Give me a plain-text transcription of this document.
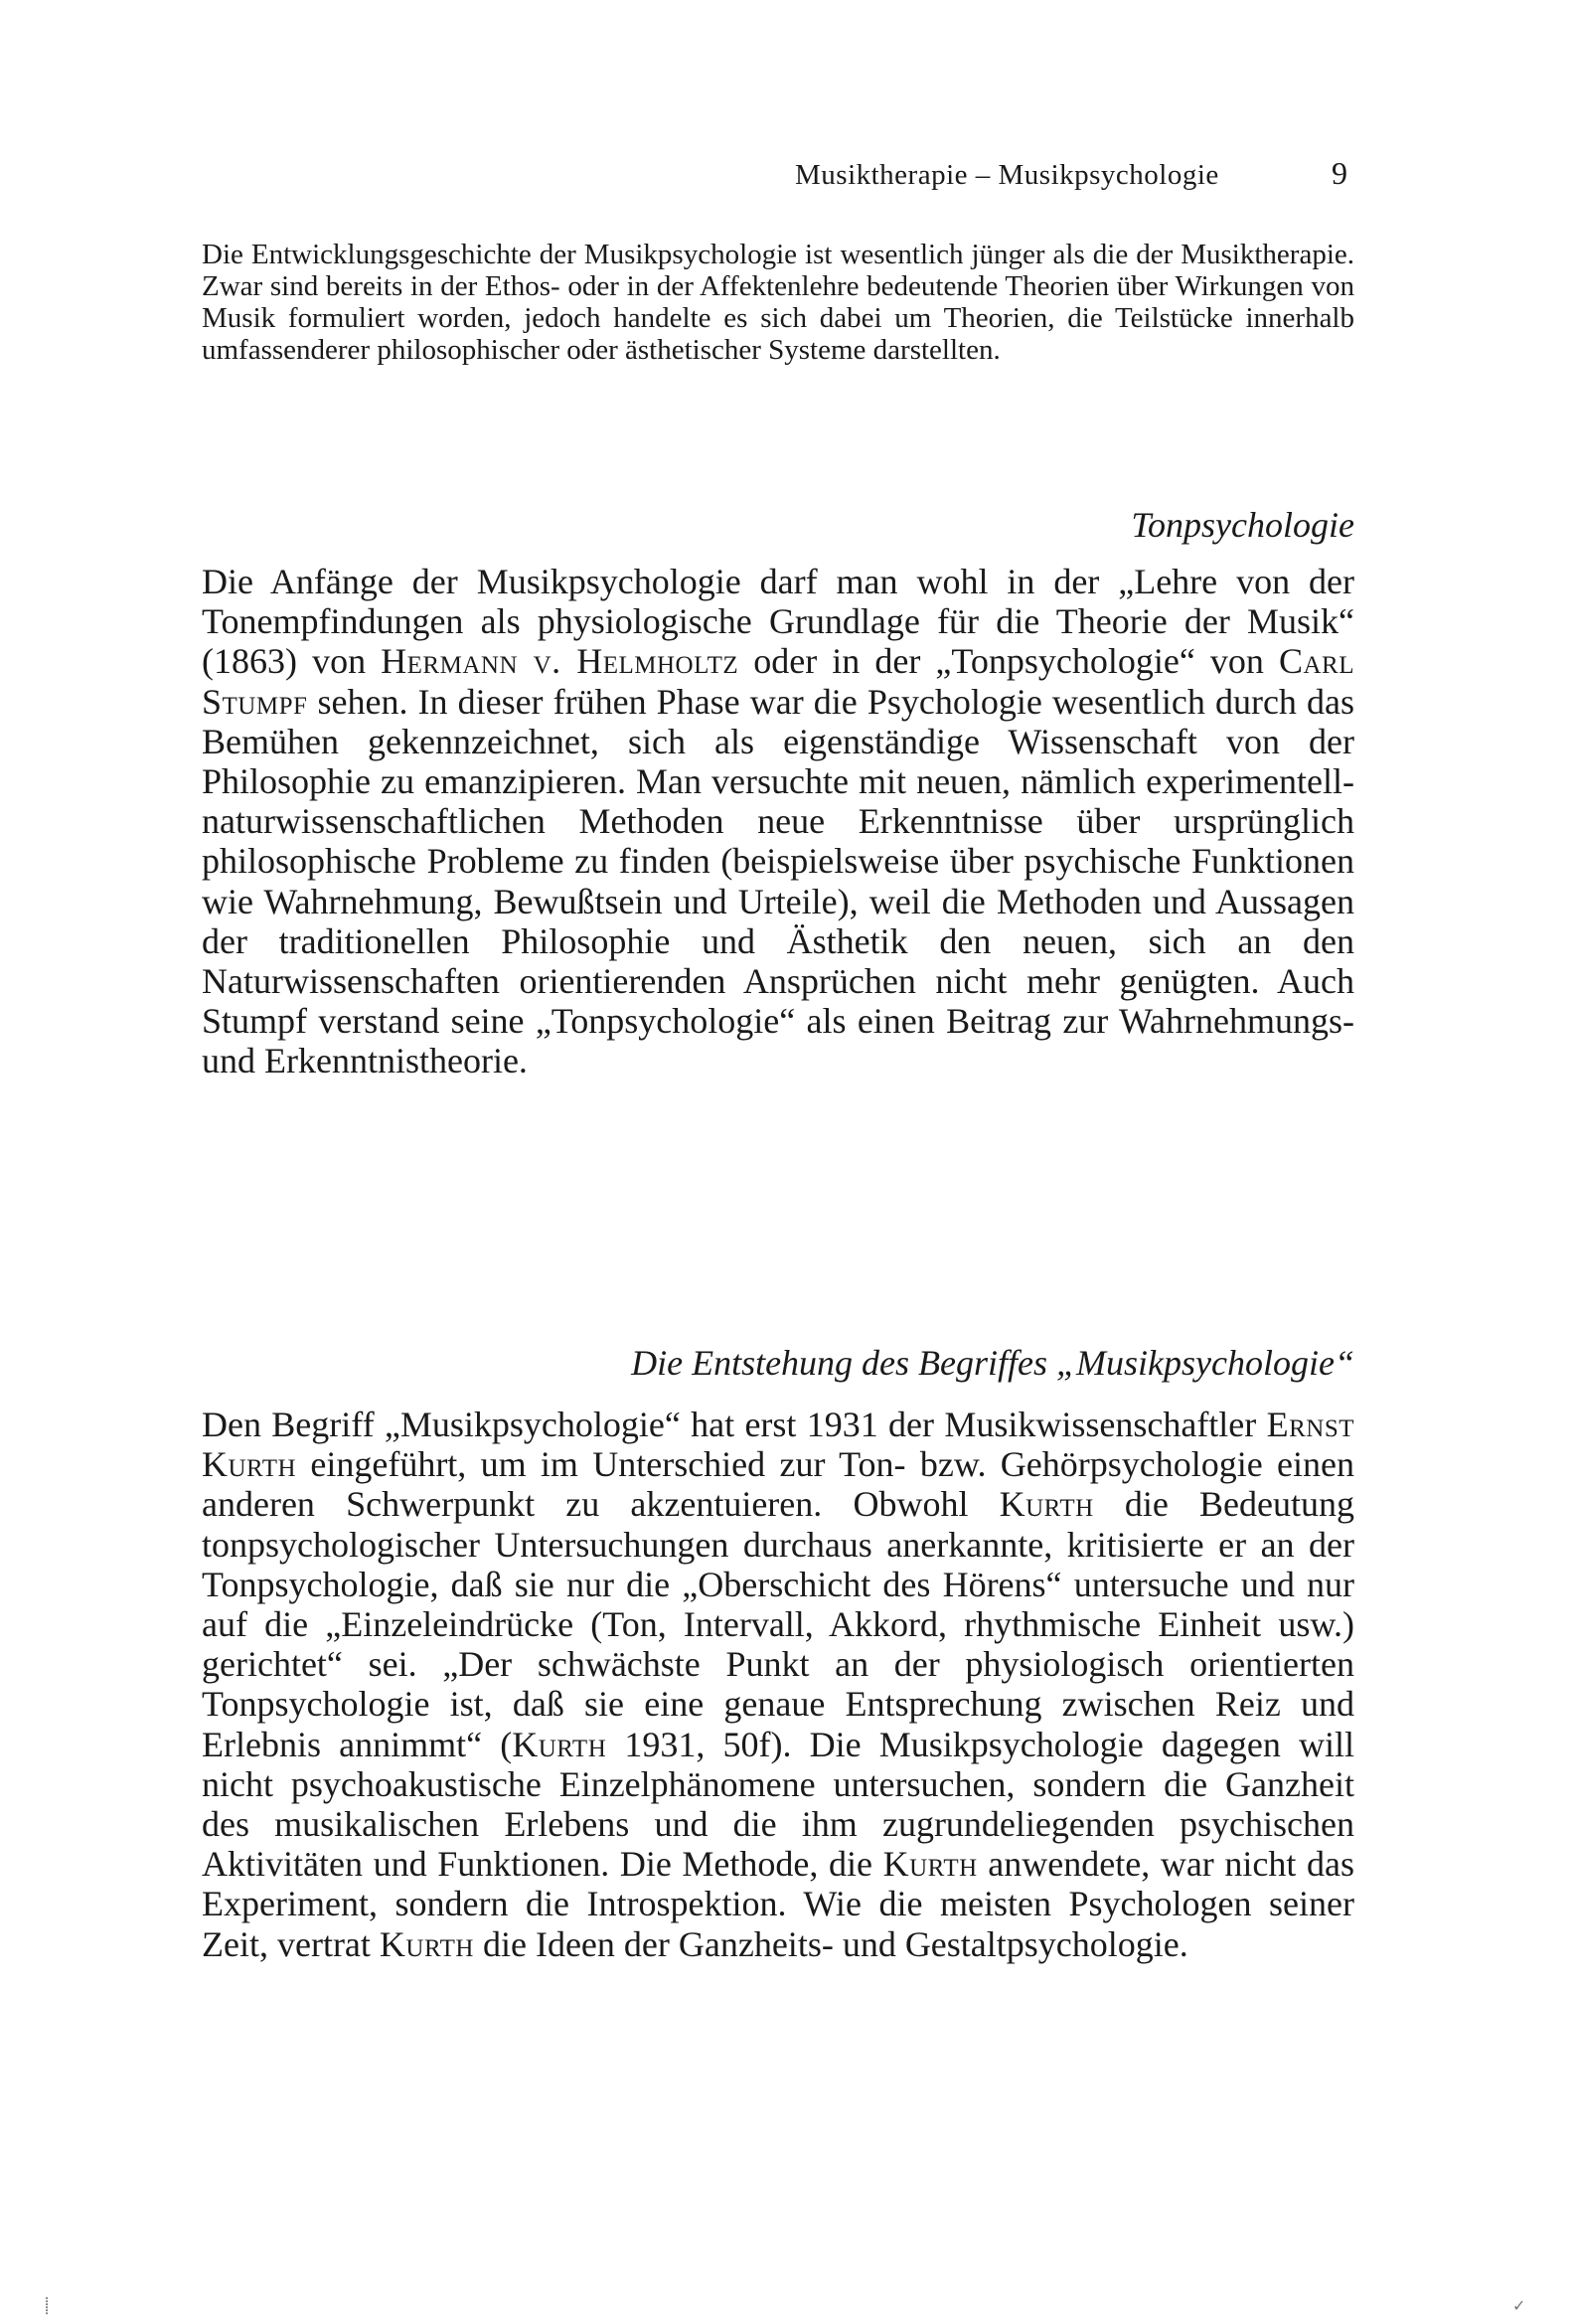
Musiktherapie – Musikpsychologie	9

Die Entwicklungsgeschichte der Musikpsychologie ist wesentlich jünger als die der Musiktherapie. Zwar sind bereits in der Ethos- oder in der Affektenlehre bedeutende Theorien über Wirkungen von Musik formuliert worden, jedoch handelte es sich dabei um Theorien, die Teilstücke innerhalb umfassenderer philosophischer oder ästhetischer Systeme darstellten.

Tonpsychologie

Die Anfänge der Musikpsychologie darf man wohl in der „Lehre von der Tonempfindungen als physiologische Grundlage für die Theorie der Musik“ (1863) von Hermann v. Helmholtz oder in der „Tonpsychologie“ von Carl Stumpf sehen. In dieser frühen Phase war die Psychologie wesentlich durch das Bemühen gekennzeichnet, sich als eigenständige Wissenschaft von der Philosophie zu emanzipieren. Man versuchte mit neuen, nämlich experimentell-naturwissenschaftlichen Methoden neue Erkenntnisse über ursprünglich philosophische Probleme zu finden (beispielsweise über psychische Funktionen wie Wahrnehmung, Bewußtsein und Urteile), weil die Methoden und Aussagen der traditionellen Philosophie und Ästhetik den neuen, sich an den Naturwissenschaften orientierenden Ansprüchen nicht mehr genügten. Auch Stumpf verstand seine „Tonpsychologie“ als einen Beitrag zur Wahrnehmungs- und Erkenntnistheorie.

Die Entstehung des Begriffes „Musikpsychologie“

Den Begriff „Musikpsychologie“ hat erst 1931 der Musikwissenschaftler Ernst Kurth eingeführt, um im Unterschied zur Ton- bzw. Gehörpsychologie einen anderen Schwerpunkt zu akzentuieren. Obwohl Kurth die Bedeutung tonpsychologischer Untersuchungen durchaus anerkannte, kritisierte er an der Tonpsychologie, daß sie nur die „Oberschicht des Hörens“ untersuche und nur auf die „Einzeleindrücke (Ton, Intervall, Akkord, rhythmische Einheit usw.) gerichtet“ sei. „Der schwächste Punkt an der physiologisch orientierten Tonpsychologie ist, daß sie eine genaue Entsprechung zwischen Reiz und Erlebnis annimmt“ (Kurth 1931, 50f). Die Musikpsychologie dagegen will nicht psychoakustische Einzelphänomene untersuchen, sondern die Ganzheit des musikalischen Erlebens und die ihm zugrundeliegenden psychischen Aktivitäten und Funktionen. Die Methode, die Kurth anwendete, war nicht das Experiment, sondern die Introspektion. Wie die meisten Psychologen seiner Zeit, vertrat Kurth die Ideen der Ganzheits- und Gestaltpsychologie.

⸽	✓
